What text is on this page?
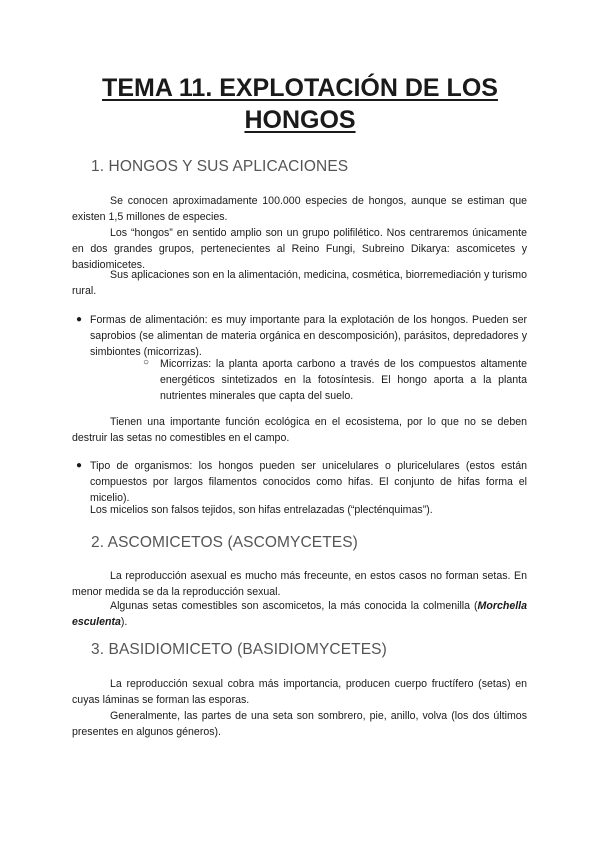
TEMA 11. EXPLOTACIÓN DE LOS HONGOS
1. HONGOS Y SUS APLICACIONES

Se conocen aproximadamente 100.000 especies de hongos, aunque se estiman que existen 1,5 millones de especies.

Los “hongos” en sentido amplio son un grupo polifilético. Nos centraremos únicamente en dos grandes grupos, pertenecientes al Reino Fungi, Subreino Dikarya: ascomicetes y basidiomicetes.

Sus aplicaciones son en la alimentación, medicina, cosmética, biorremediación y turismo rural.

● Formas de alimentación: es muy importante para la explotación de los hongos. Pueden ser saprobios (se alimentan de materia orgánica en descomposición), parásitos, depredadores y simbiontes (micorrizas).
○ Micorrizas: la planta aporta carbono a través de los compuestos altamente energéticos sintetizados en la fotosíntesis. El hongo aporta a la planta nutrientes minerales que capta del suelo.

Tienen una importante función ecológica en el ecosistema, por lo que no se deben destruir las setas no comestibles en el campo.

● Tipo de organismos: los hongos pueden ser unicelulares o pluricelulares (estos están compuestos por largos filamentos conocidos como hifas. El conjunto de hifas forma el micelio).
Los micelios son falsos tejidos, son hifas entrelazadas (“plecténquimas”).
2. ASCOMICETOS (ASCOMYCETES)

La reproducción asexual es mucho más freceunte, en estos casos no forman setas. En menor medida se da la reproducción sexual.

Algunas setas comestibles son ascomicetos, la más conocida la colmenilla (Morchella esculenta).

3. BASIDIOMICETO (BASIDIOMYCETES)

La reproducción sexual cobra más importancia, producen cuerpo fructífero (setas) en cuyas láminas se forman las esporas.

Generalmente, las partes de una seta son sombrero, pie, anillo, volva (los dos últimos presentes en algunos géneros).
